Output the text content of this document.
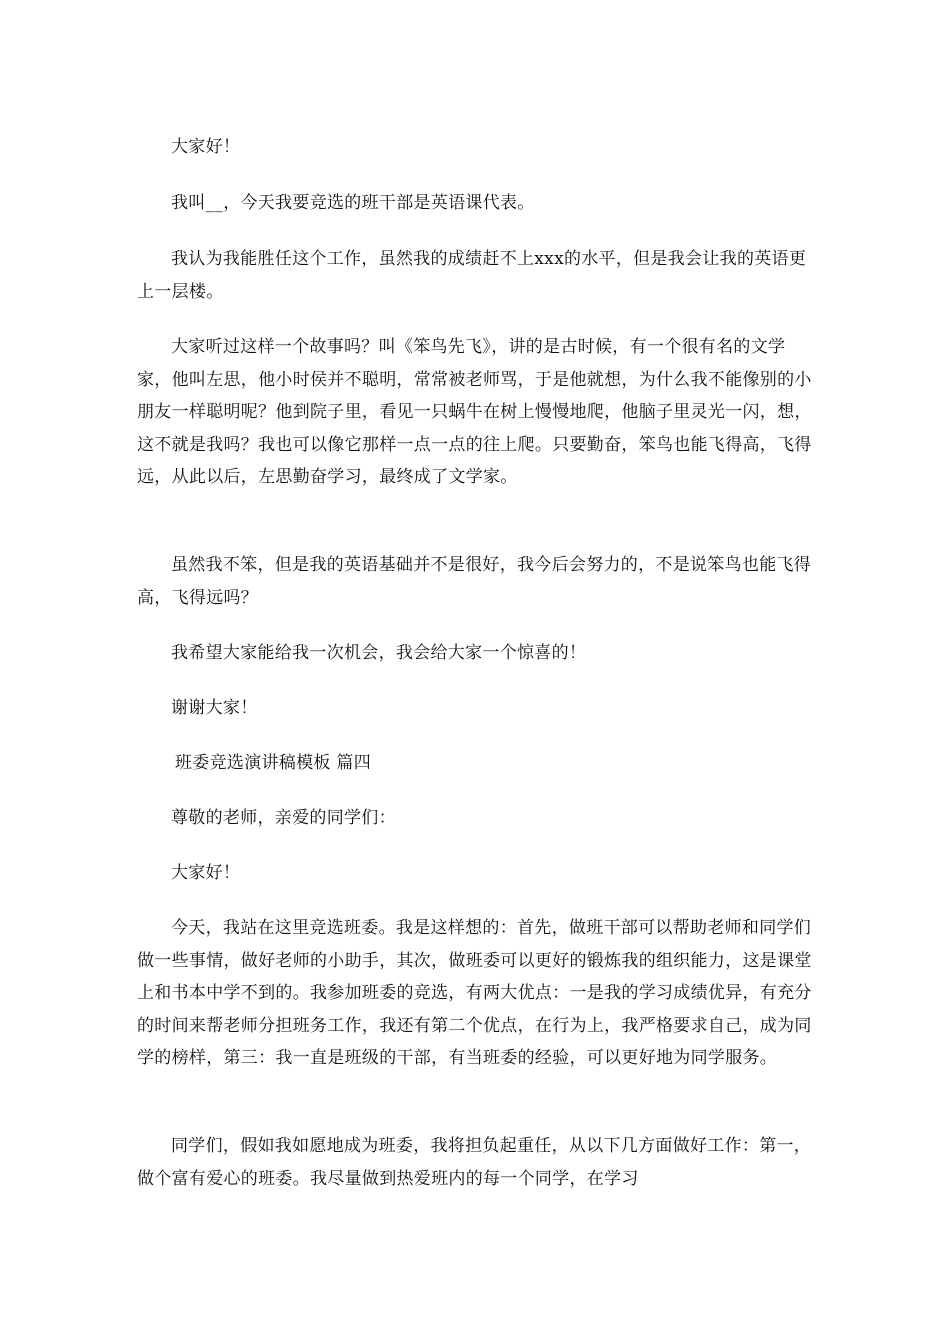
大家好！

我叫__，今天我要竞选的班干部是英语课代表。

我认为我能胜任这个工作，虽然我的成绩赶不上xxx的水平，但是我会让我的英语更上一层楼。

大家听过这样一个故事吗？叫《笨鸟先飞》，讲的是古时候，有一个很有名的文学家，他叫左思，他小时侯并不聪明，常常被老师骂，于是他就想，为什么我不能像别的小朋友一样聪明呢？他到院子里，看见一只蜗牛在树上慢慢地爬，他脑子里灵光一闪，想，这不就是我吗？我也可以像它那样一点一点的往上爬。只要勤奋，笨鸟也能飞得高，飞得远，从此以后，左思勤奋学习，最终成了文学家。

虽然我不笨，但是我的英语基础并不是很好，我今后会努力的，不是说笨鸟也能飞得高，飞得远吗？

我希望大家能给我一次机会，我会给大家一个惊喜的！

谢谢大家！

班委竞选演讲稿模板 篇四

尊敬的老师，亲爱的同学们：

大家好！

今天，我站在这里竞选班委。我是这样想的：首先，做班干部可以帮助老师和同学们做一些事情，做好老师的小助手，其次，做班委可以更好的锻炼我的组织能力，这是课堂上和书本中学不到的。我参加班委的竞选，有两大优点：一是我的学习成绩优异，有充分的时间来帮老师分担班务工作，我还有第二个优点，在行为上，我严格要求自己，成为同学的榜样，第三：我一直是班级的干部，有当班委的经验，可以更好地为同学服务。

同学们，假如我如愿地成为班委，我将担负起重任，从以下几方面做好工作：第一，做个富有爱心的班委。我尽量做到热爱班内的每一个同学，在学习
